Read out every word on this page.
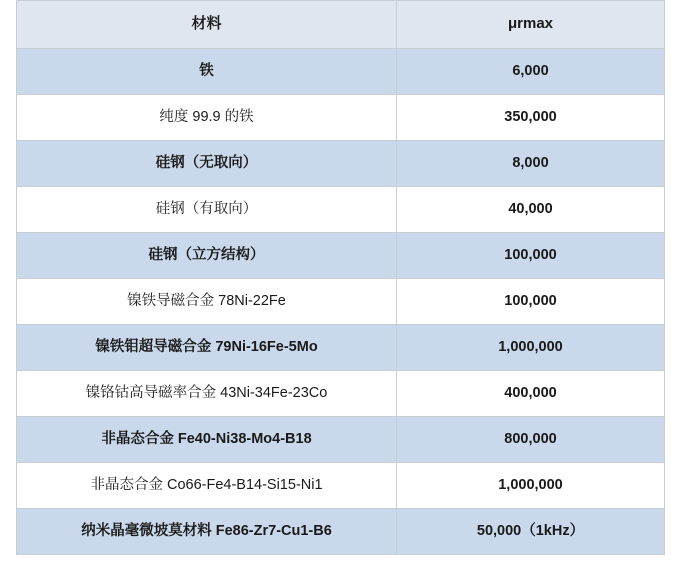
材料	μrmax
铁	6,000
纯度 99.9 的铁	350,000
硅钢（无取向）	8,000
硅钢（有取向）	40,000
硅钢（立方结构）	100,000
镍铁导磁合金 78Ni-22Fe	100,000
镍铁钼超导磁合金 79Ni-16Fe-5Mo	1,000,000
镍铬钴高导磁率合金 43Ni-34Fe-23Co	400,000
非晶态合金 Fe40-Ni38-Mo4-B18	800,000
非晶态合金 Co66-Fe4-B14-Si15-Ni1	1,000,000
纳米晶毫微坡莫材料 Fe86-Zr7-Cu1-B6	50,000（1kHz）
